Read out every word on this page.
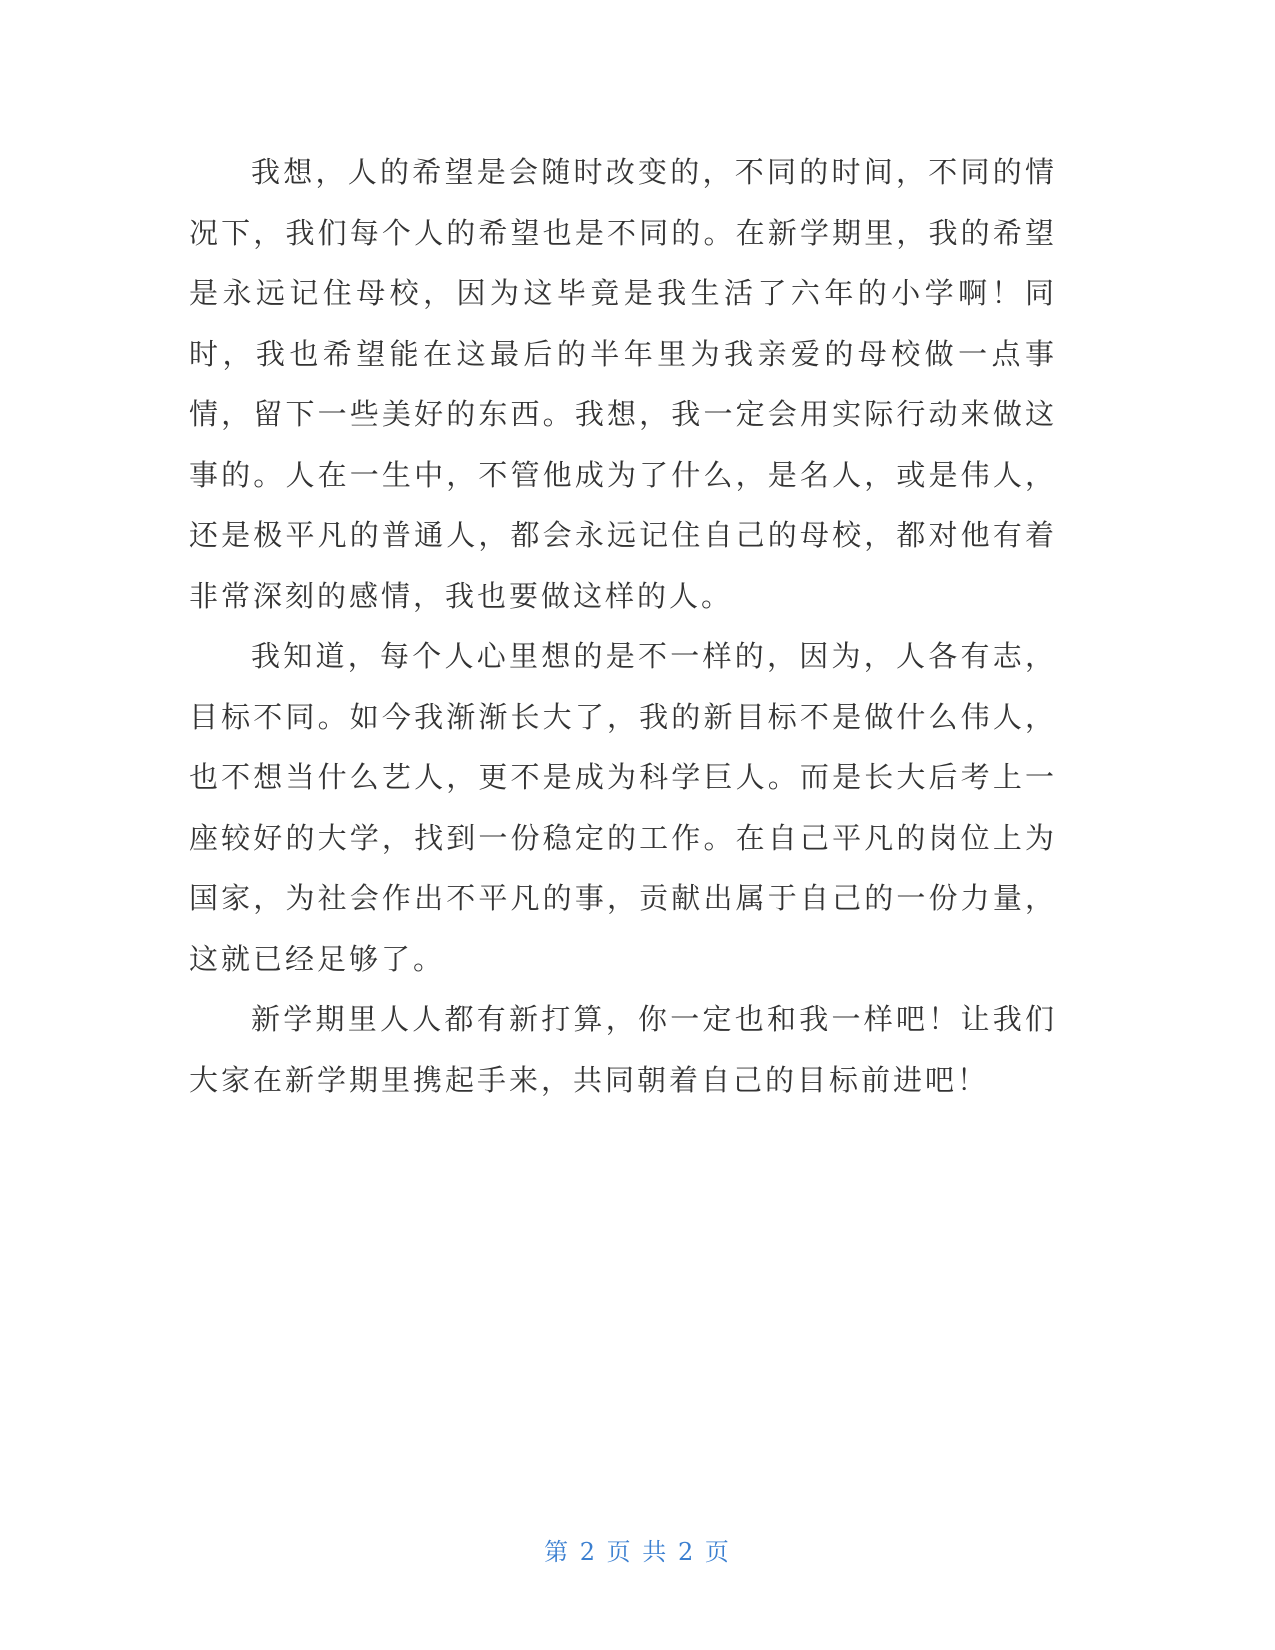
我想，人的希望是会随时改变的，不同的时间，不同的情况下，我们每个人的希望也是不同的。在新学期里，我的希望是永远记住母校，因为这毕竟是我生活了六年的小学啊！同时，我也希望能在这最后的半年里为我亲爱的母校做一点事情，留下一些美好的东西。我想，我一定会用实际行动来做这事的。人在一生中，不管他成为了什么，是名人，或是伟人，还是极平凡的普通人，都会永远记住自己的母校，都对他有着非常深刻的感情，我也要做这样的人。

我知道，每个人心里想的是不一样的，因为，人各有志，目标不同。如今我渐渐长大了，我的新目标不是做什么伟人，也不想当什么艺人，更不是成为科学巨人。而是长大后考上一座较好的大学，找到一份稳定的工作。在自己平凡的岗位上为国家，为社会作出不平凡的事，贡献出属于自己的一份力量，这就已经足够了。

新学期里人人都有新打算，你一定也和我一样吧！让我们大家在新学期里携起手来，共同朝着自己的目标前进吧！

第 2 页 共 2 页
